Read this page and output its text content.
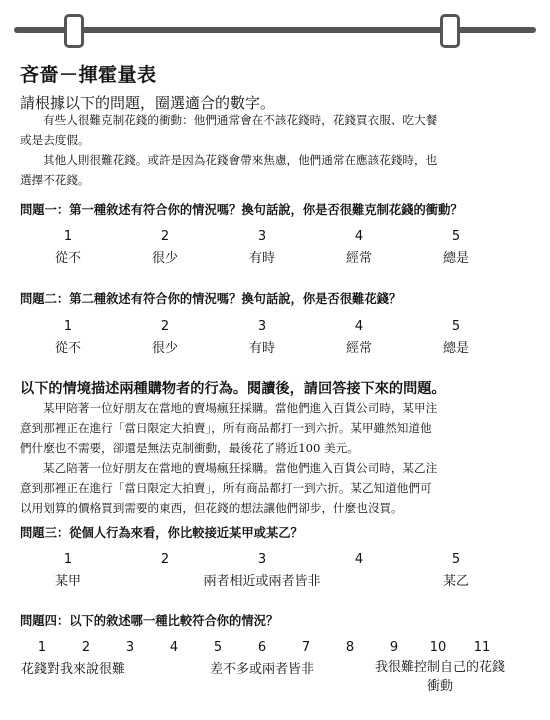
吝嗇－揮霍量表
請根據以下的問題，圈選適合的數字。

有些人很難克制花錢的衝動：他們通常會在不該花錢時，花錢買衣服、吃大餐
或是去度假。
其他人則很難花錢。或許是因為花錢會帶來焦慮，他們通常在應該花錢時，也
選擇不花錢。

問題一：第一種敘述有符合你的情況嗎？換句話說，你是否很難克制花錢的衝動？
1	2	3	4	5
從不	很少	有時	經常	總是
問題二：第二種敘述有符合你的情況嗎？換句話說，你是否很難花錢？
1	2	3	4	5
從不	很少	有時	經常	總是
以下的情境描述兩種購物者的行為。閱讀後，請回答接下來的問題。

某甲陪著一位好朋友在當地的賣場瘋狂採購。當他們進入百貨公司時，某甲注
意到那裡正在進行「當日限定大拍賣」，所有商品都打一到六折。某甲雖然知道他
們什麼也不需要，卻還是無法克制衝動，最後花了將近100 美元。
某乙陪著一位好朋友在當地的賣場瘋狂採購。當他們進入百貨公司時，某乙注
意到那裡正在進行「當日限定大拍賣」，所有商品都打一到六折。某乙知道他們可
以用划算的價格買到需要的東西，但花錢的想法讓他們卻步，什麼也沒買。

問題三：從個人行為來看，你比較接近某甲或某乙？
1	2	3	4	5
某甲	兩者相近或兩者皆非	某乙
問題四：以下的敘述哪一種比較符合你的情況？
1	2	3	4	5	6	7	8	9 10 11
花錢對我來說很難	差不多或兩者皆非	我很難控制自己的花錢衝動
